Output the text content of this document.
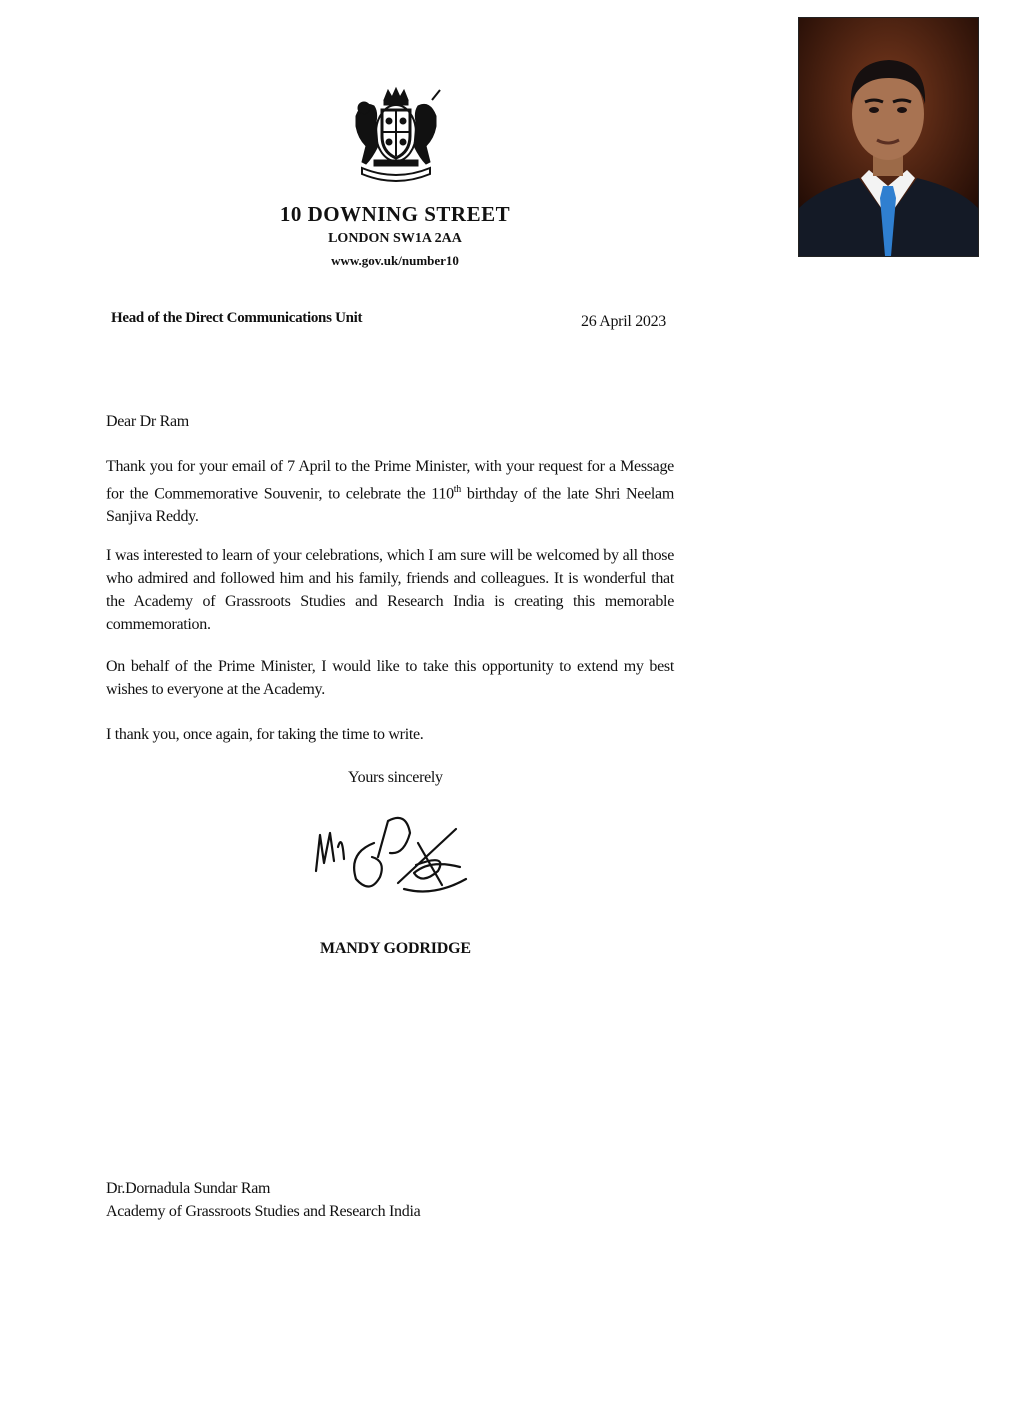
10 DOWNING STREET
LONDON SW1A 2AA
www.gov.uk/number10
Head of the Direct Communications Unit	26 April 2023
Dear Dr Ram
Thank you for your email of 7 April to the Prime Minister, with your request for a Message for the Commemorative Souvenir, to celebrate the 110th birthday of the late Shri Neelam Sanjiva Reddy.
I was interested to learn of your celebrations, which I am sure will be welcomed by all those who admired and followed him and his family, friends and colleagues. It is wonderful that the Academy of Grassroots Studies and Research India is creating this memorable commemoration.
On behalf of the Prime Minister, I would like to take this opportunity to extend my best wishes to everyone at the Academy.
I thank you, once again, for taking the time to write.
Yours sincerely
MANDY GODRIDGE
Dr.Dornadula Sundar Ram
Academy of Grassroots Studies and Research India
